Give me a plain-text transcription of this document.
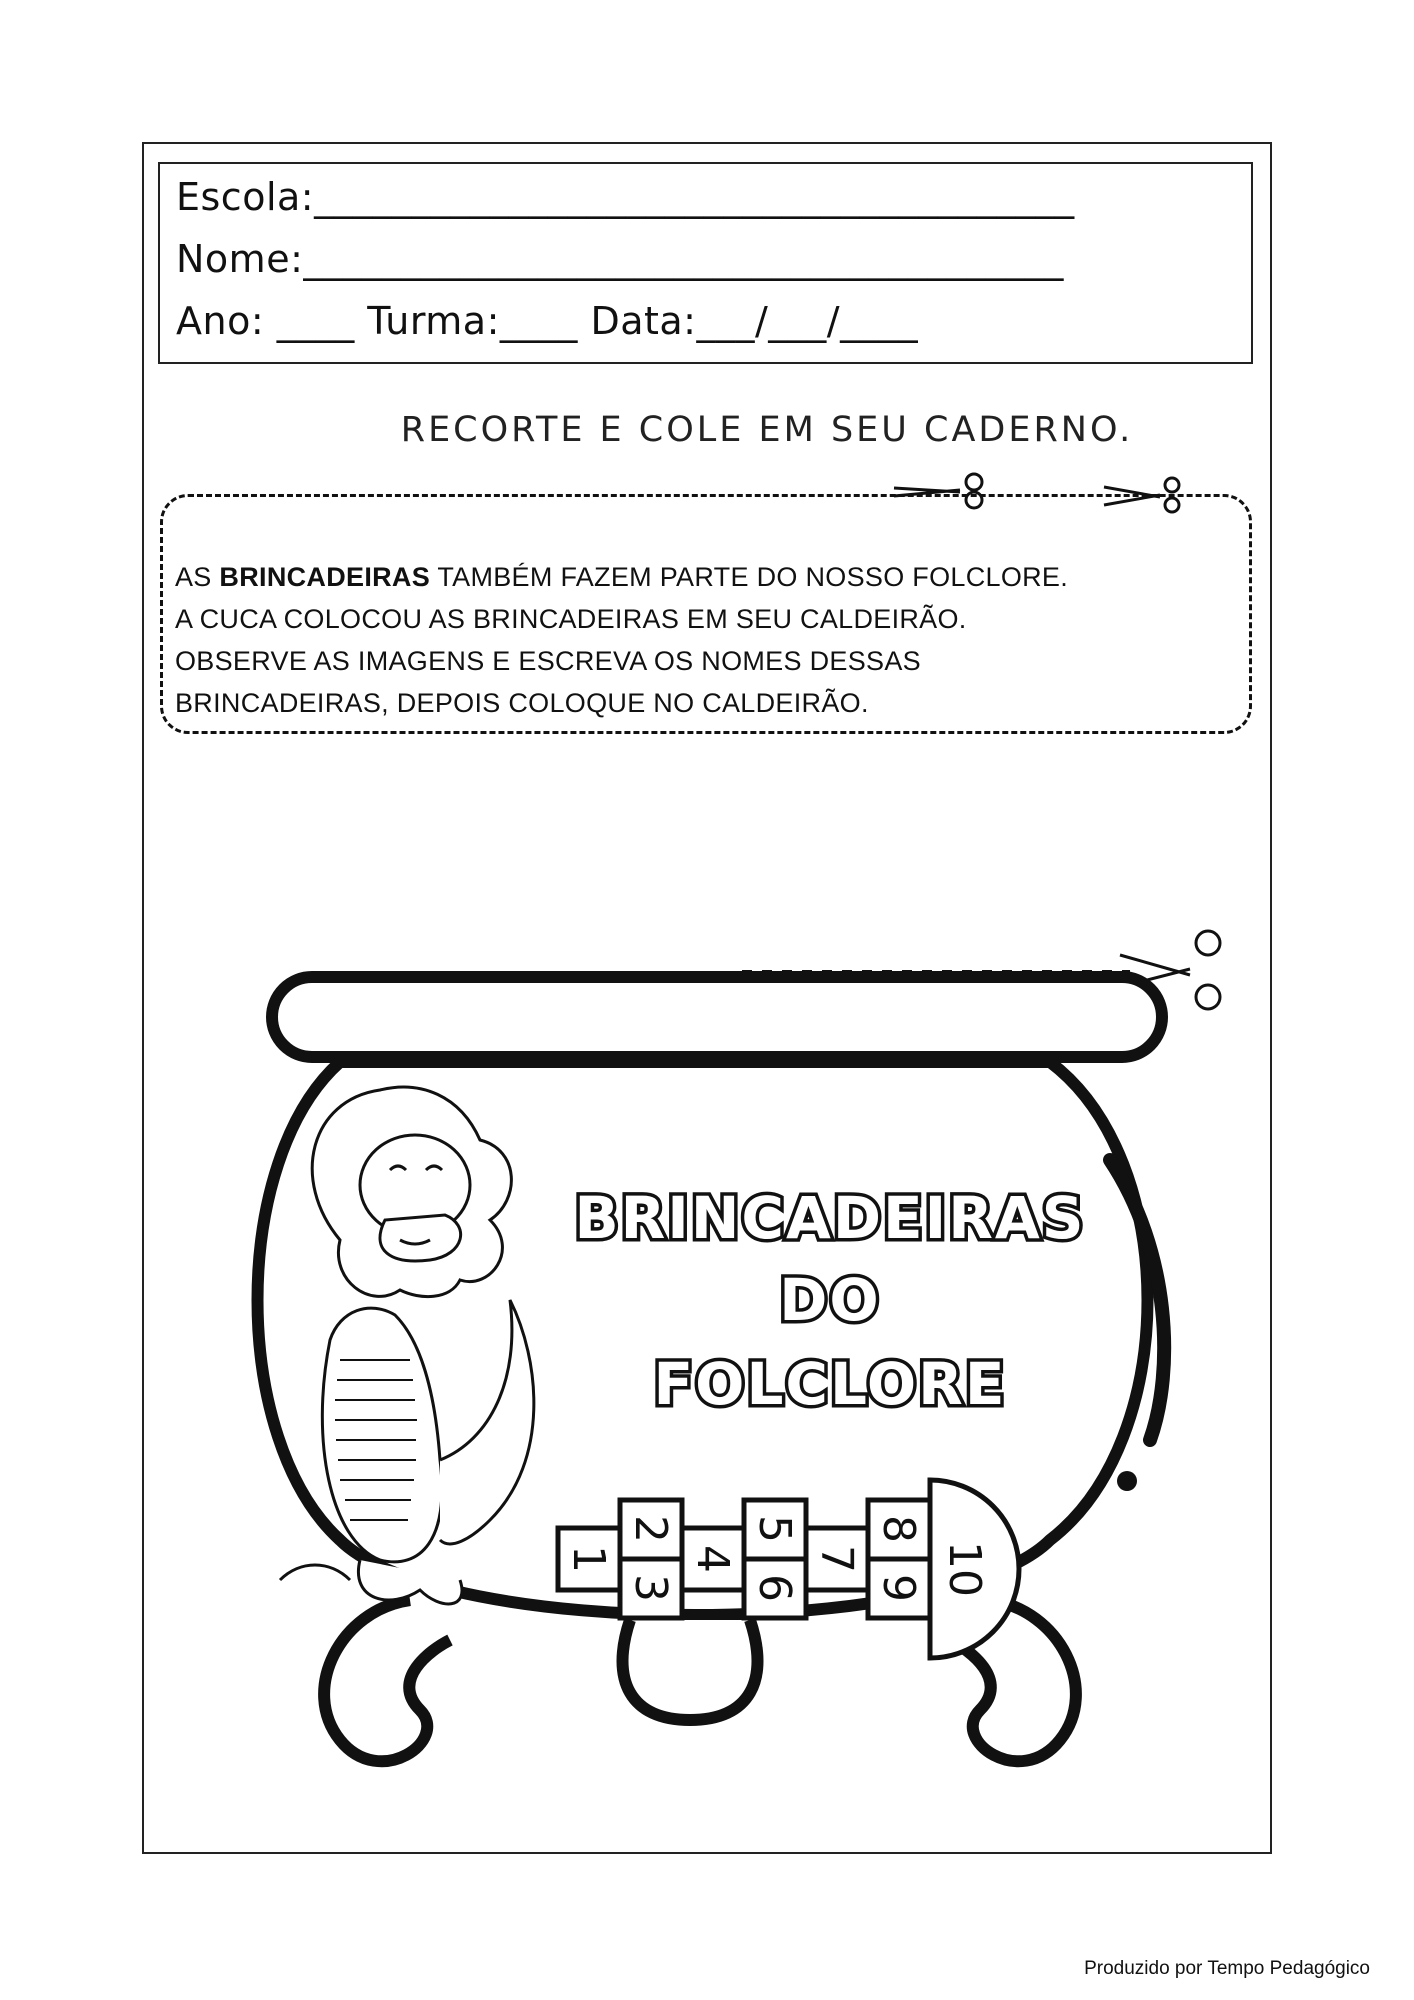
Escola:_______________________________________
Nome:_______________________________________
Ano: ____ Turma:____ Data:___/___/____
RECORTE E COLE EM SEU CADERNO.
AS BRINCADEIRAS TAMBÉM FAZEM PARTE DO NOSSO FOLCLORE.
A CUCA COLOCOU AS BRINCADEIRAS EM SEU CALDEIRÃO.
OBSERVE AS IMAGENS E ESCREVA OS NOMES DESSAS
BRINCADEIRAS, DEPOIS COLOQUE NO CALDEIRÃO.
BRINCADEIRAS
DO
FOLCLORE
1
2
3
4
5
6
7
8
9 10
Produzido por Tempo Pedagógico
